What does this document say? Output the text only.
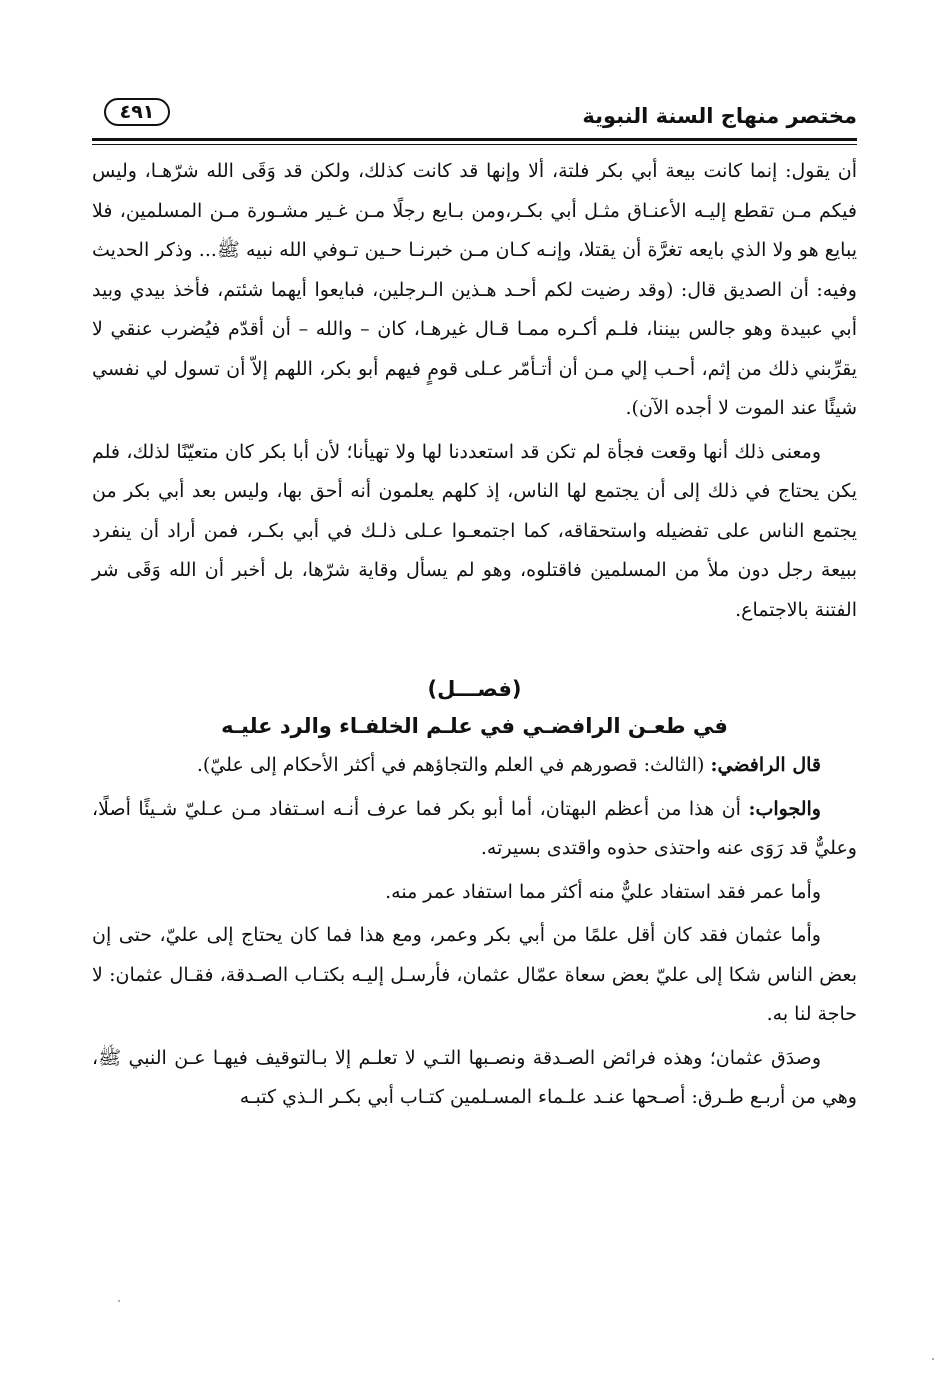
مختصر منهاج السنة النبوية
٤٩١

أن يقول: إنما كانت بيعة أبي بكر فلتة، ألا وإنها قد كانت كذلك، ولكن قد وَقَى الله شرّهـا، وليس فيكم مـن تقطع إليـه الأعنـاق مثـل أبي بكـر،ومن بـايع رجلًا مـن غـير مشـورة مـن المسلمين، فلا يبايع هو ولا الذي بايعه تغرَّة أن يقتلا، وإنـه كـان مـن خبرنـا حـين تـوفي الله نبيه ﷺ... وذكر الحديث وفيه: أن الصديق قال: (وقد رضيت لكم أحـد هـذين الـرجلين، فبايعوا أيهما شئتم، فأخذ بيدي وبيد أبي عبيدة وهو جالس بيننا، فلـم أكـره ممـا قـال غيرهـا، كان – والله – أن أقدّم فيُضرب عنقي لا يقرِّبني ذلك من إثم، أحـب إلي مـن أن أتـأمّر عـلى قومٍ فيهم أبو بكر، اللهم إلاّ أن تسول لي نفسي شيئًا عند الموت لا أجده الآن).

ومعنى ذلك أنها وقعت فجأة لم تكن قد استعددنا لها ولا تهيأنا؛ لأن أبا بكر كان متعيّنًا لذلك، فلم يكن يحتاج في ذلك إلى أن يجتمع لها الناس، إذ كلهم يعلمون أنه أحق بها، وليس بعد أبي بكر من يجتمع الناس على تفضيله واستحقاقه، كما اجتمعـوا عـلى ذلـك في أبي بكـر، فمن أراد أن ينفرد ببيعة رجل دون ملأ من المسلمين فاقتلوه، وهو لم يسأل وقاية شرّها، بل أخبر أن الله وَقَى شر الفتنة بالاجتماع.

(فصـــل)
في طعـن الرافضـي في علـم الخلفـاء والرد عليـه

قال الرافضي: (الثالث: قصورهم في العلم والتجاؤهم في أكثر الأحكام إلى عليّ).

والجواب: أن هذا من أعظم البهتان، أما أبو بكر فما عرف أنـه اسـتفاد مـن عـليّ شـيئًا أصلًا، وعليٌّ قد رَوَى عنه واحتذى حذوه واقتدى بسيرته.

وأما عمر فقد استفاد عليٌّ منه أكثر مما استفاد عمر منه.

وأما عثمان فقد كان أقل علمًا من أبي بكر وعمر، ومع هذا فما كان يحتاج إلى عليّ، حتى إن بعض الناس شكا إلى عليّ بعض سعاة عمّال عثمان، فأرسـل إليـه بكتـاب الصـدقة، فقـال عثمان: لا حاجة لنا به.

وصدَق عثمان؛ وهذه فرائض الصـدقة ونصـبها التـي لا تعلـم إلا بـالتوقيف فيهـا عـن النبي ﷺ، وهي من أربـع طـرق: أصـحها عنـد علـماء المسـلمين كتـاب أبي بكـر الـذي كتبـه
